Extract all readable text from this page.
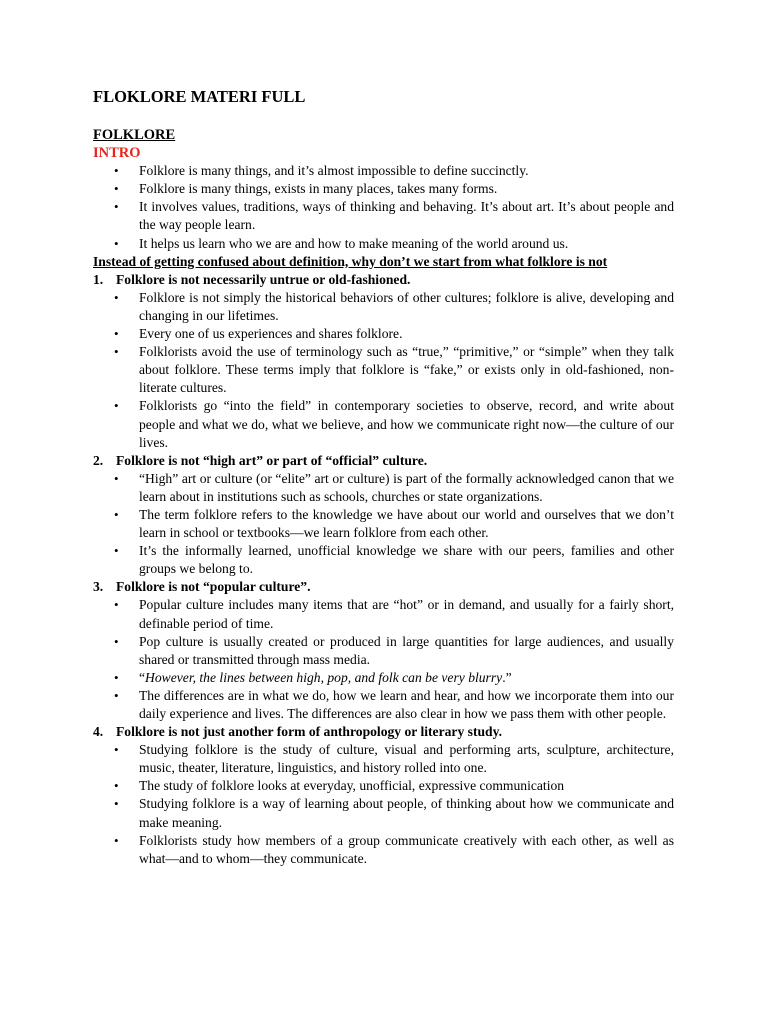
FLOKLORE MATERI FULL
FOLKLORE
INTRO
• Folklore is many things, and it’s almost impossible to define succinctly.
• Folklore is many things, exists in many places, takes many forms.
• It involves values, traditions, ways of thinking and behaving. It’s about art. It’s about people and the way people learn.
• It helps us learn who we are and how to make meaning of the world around us.
Instead of getting confused about definition, why don’t we start from what folklore is not
1. Folklore is not necessarily untrue or old-fashioned.
• Folklore is not simply the historical behaviors of other cultures; folklore is alive, developing and changing in our lifetimes.
• Every one of us experiences and shares folklore.
• Folklorists avoid the use of terminology such as “true,” “primitive,” or “simple” when they talk about folklore. These terms imply that folklore is “fake,” or exists only in old-fashioned, non-literate cultures.
• Folklorists go “into the field” in contemporary societies to observe, record, and write about people and what we do, what we believe, and how we communicate right now—the culture of our lives.
2. Folklore is not “high art” or part of “official” culture.
• “High” art or culture (or “elite” art or culture) is part of the formally acknowledged canon that we learn about in institutions such as schools, churches or state organizations.
• The term folklore refers to the knowledge we have about our world and ourselves that we don’t learn in school or textbooks—we learn folklore from each other.
• It’s the informally learned, unofficial knowledge we share with our peers, families and other groups we belong to.
3. Folklore is not “popular culture”.
• Popular culture includes many items that are “hot” or in demand, and usually for a fairly short, definable period of time.
• Pop culture is usually created or produced in large quantities for large audiences, and usually shared or transmitted through mass media.
• “However, the lines between high, pop, and folk can be very blurry.”
• The differences are in what we do, how we learn and hear, and how we incorporate them into our daily experience and lives. The differences are also clear in how we pass them with other people.
4. Folklore is not just another form of anthropology or literary study.
• Studying folklore is the study of culture, visual and performing arts, sculpture, architecture, music, theater, literature, linguistics, and history rolled into one.
• The study of folklore looks at everyday, unofficial, expressive communication
• Studying folklore is a way of learning about people, of thinking about how we communicate and make meaning.
• Folklorists study how members of a group communicate creatively with each other, as well as what—and to whom—they communicate.
